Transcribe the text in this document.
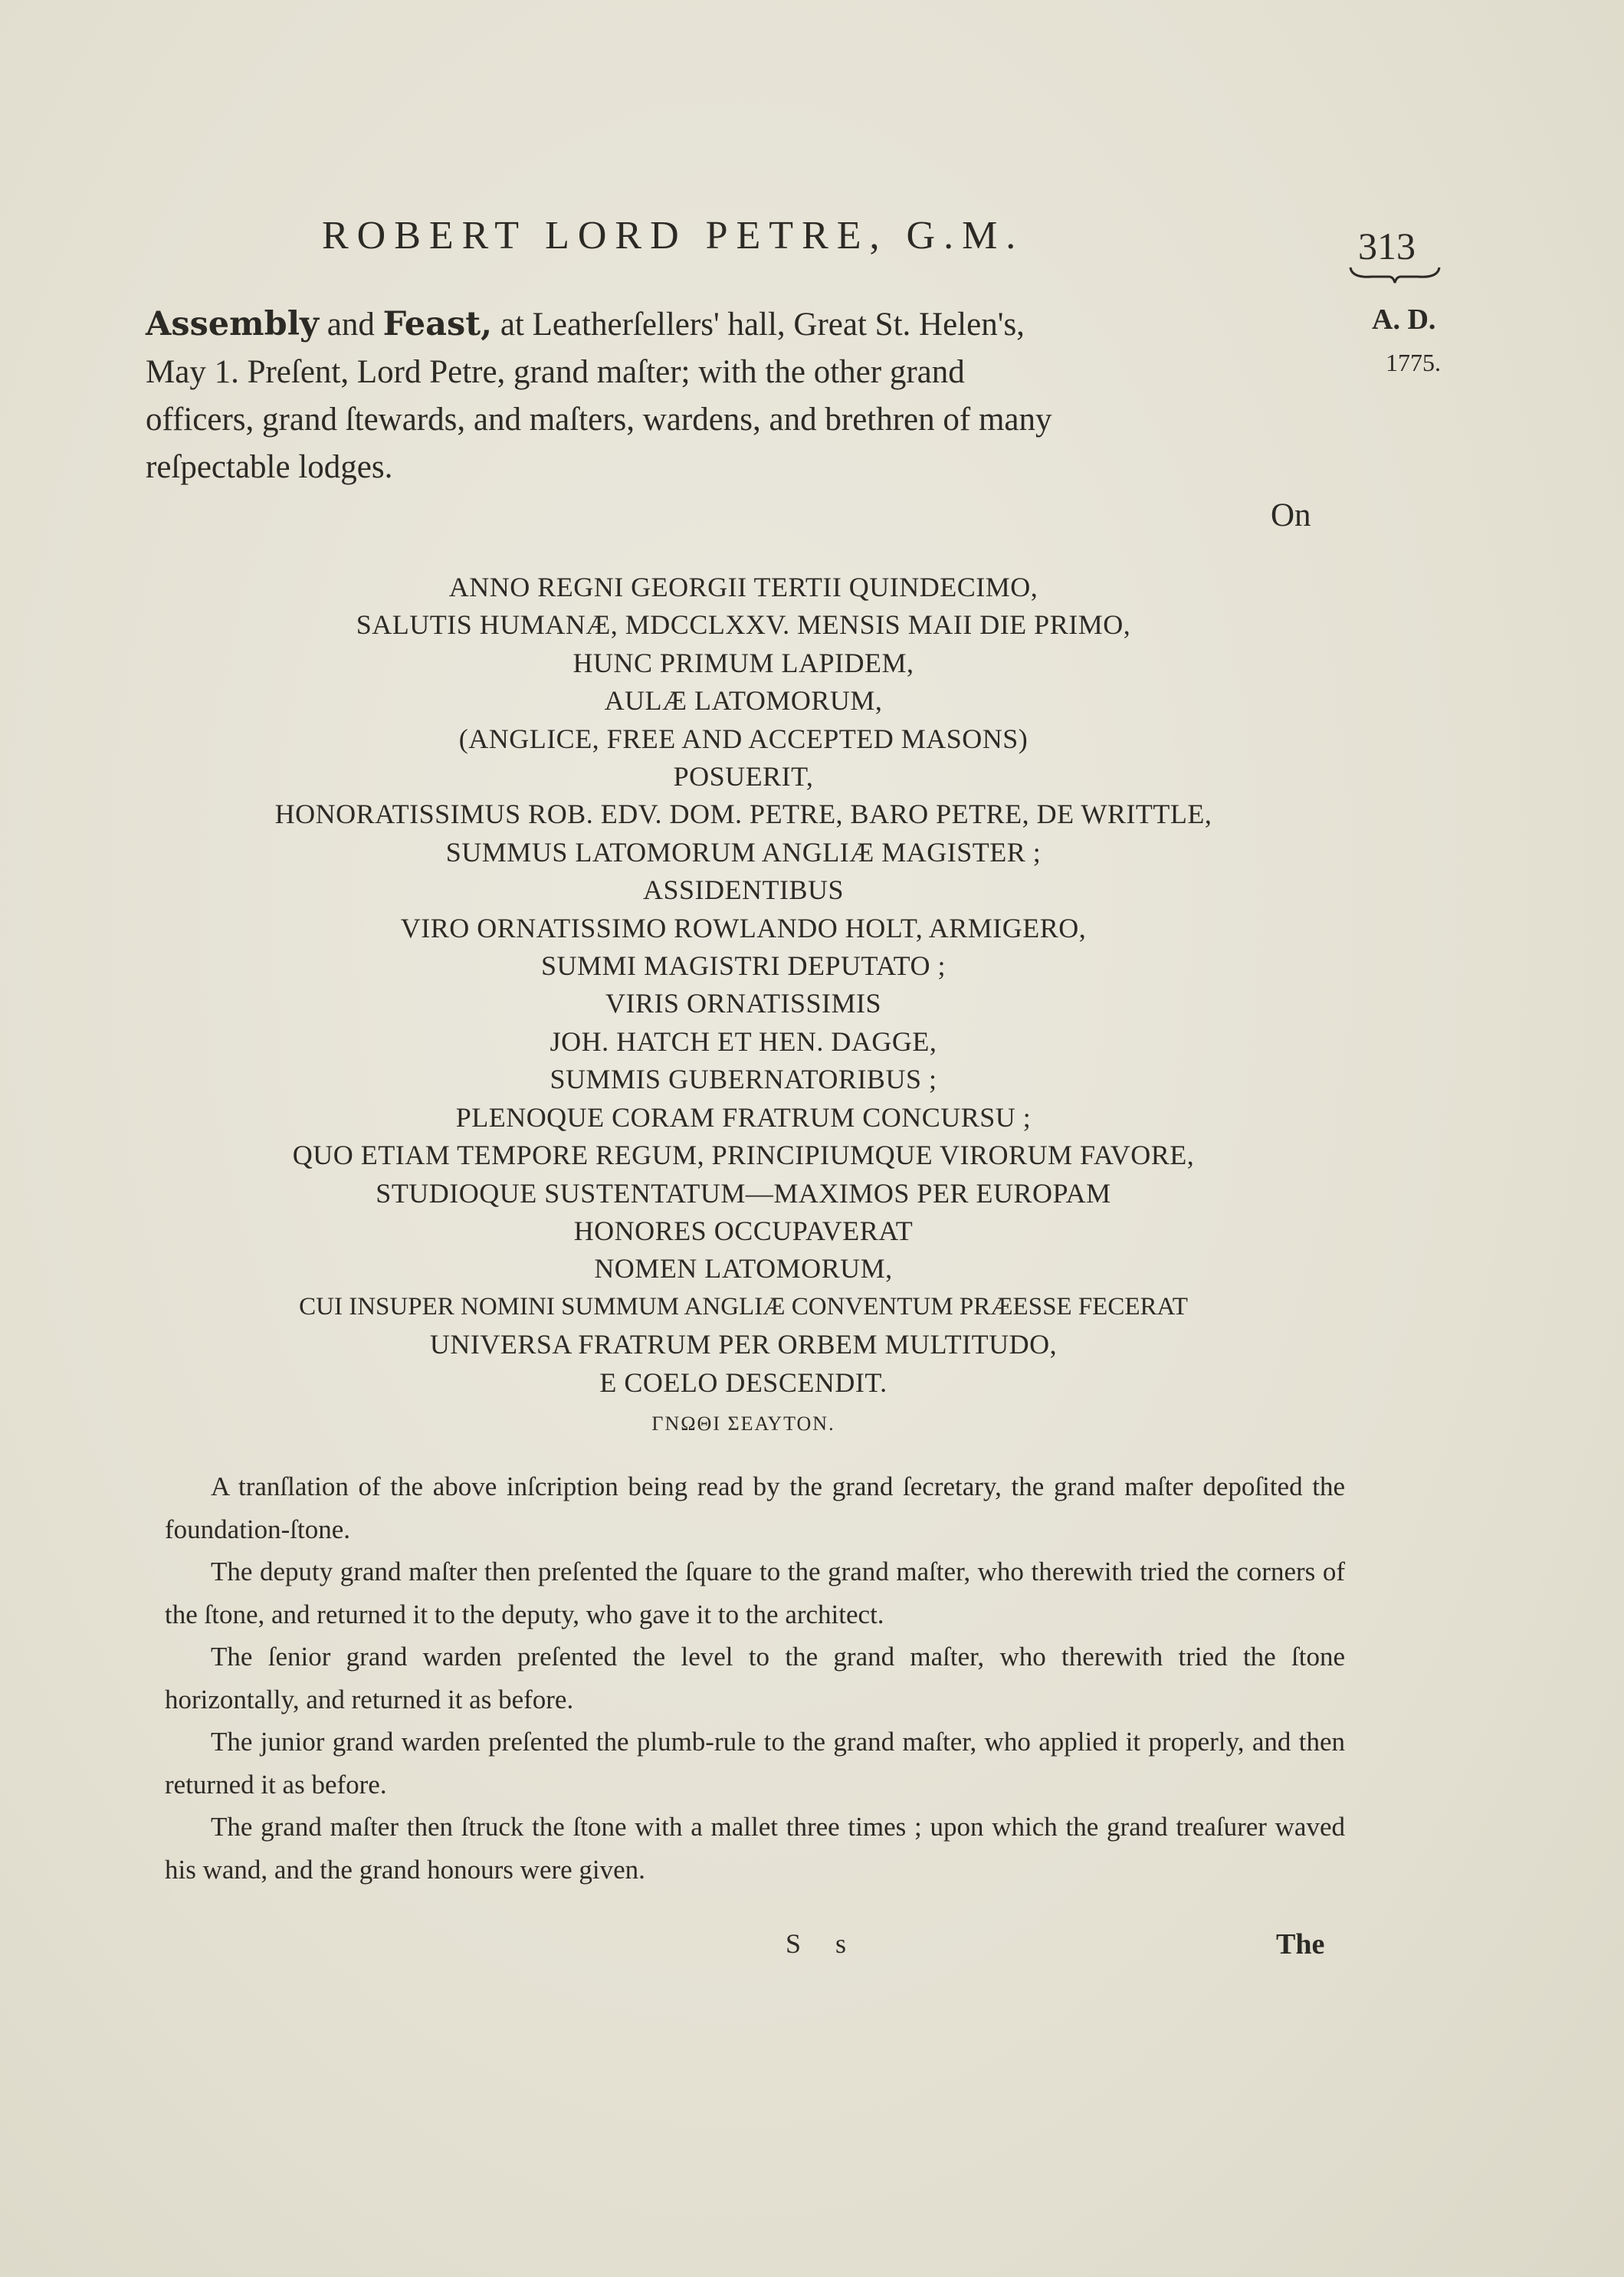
ROBERT LORD PETRE, G.M.	313
A. D.
1775.
Assembly and Feast, at Leatherſellers' hall, Great St. Helen's,
May 1. Preſent, Lord Petre, grand maſter; with the other grand
officers, grand ſtewards, and maſters, wardens, and brethren of many
reſpectable lodges.
On
ANNO REGNI GEORGII TERTII QUINDECIMO,
SALUTIS HUMANÆ, MDCCLXXV. MENSIS MAII DIE PRIMO,
HUNC PRIMUM LAPIDEM,
AULÆ LATOMORUM,
(ANGLICE, FREE AND ACCEPTED MASONS)
POSUERIT,
HONORATISSIMUS ROB. EDV. DOM. PETRE, BARO PETRE, DE WRITTLE,
SUMMUS LATOMORUM ANGLIÆ MAGISTER ;
ASSIDENTIBUS
VIRO ORNATISSIMO ROWLANDO HOLT, ARMIGERO,
SUMMI MAGISTRI DEPUTATO ;
VIRIS ORNATISSIMIS
JOH. HATCH ET HEN. DAGGE,
SUMMIS GUBERNATORIBUS ;
PLENOQUE CORAM FRATRUM CONCURSU ;
QUO ETIAM TEMPORE REGUM, PRINCIPIUMQUE VIRORUM FAVORE,
STUDIOQUE SUSTENTATUM—MAXIMOS PER EUROPAM
HONORES OCCUPAVERAT
NOMEN LATOMORUM,
CUI INSUPER NOMINI SUMMUM ANGLIÆ CONVENTUM PRÆESSE FECERAT
UNIVERSA FRATRUM PER ORBEM MULTITUDO,
E COELO DESCENDIT.
ΓΝΩΘΙ ΣΕΑΥΤΟΝ.

A tranſlation of the above inſcription being read by the grand ſecretary, the grand maſter depoſited the foundation-ſtone.

The deputy grand maſter then preſented the ſquare to the grand maſter, who therewith tried the corners of the ſtone, and returned it to the deputy, who gave it to the architect.

The ſenior grand warden preſented the level to the grand maſter, who therewith tried the ſtone horizontally, and returned it as before.

The junior grand warden preſented the plumb-rule to the grand maſter, who applied it properly, and then returned it as before.

The grand maſter then ſtruck the ſtone with a mallet three times ; upon which the grand treaſurer waved his wand, and the grand honours were given.

S s	The
